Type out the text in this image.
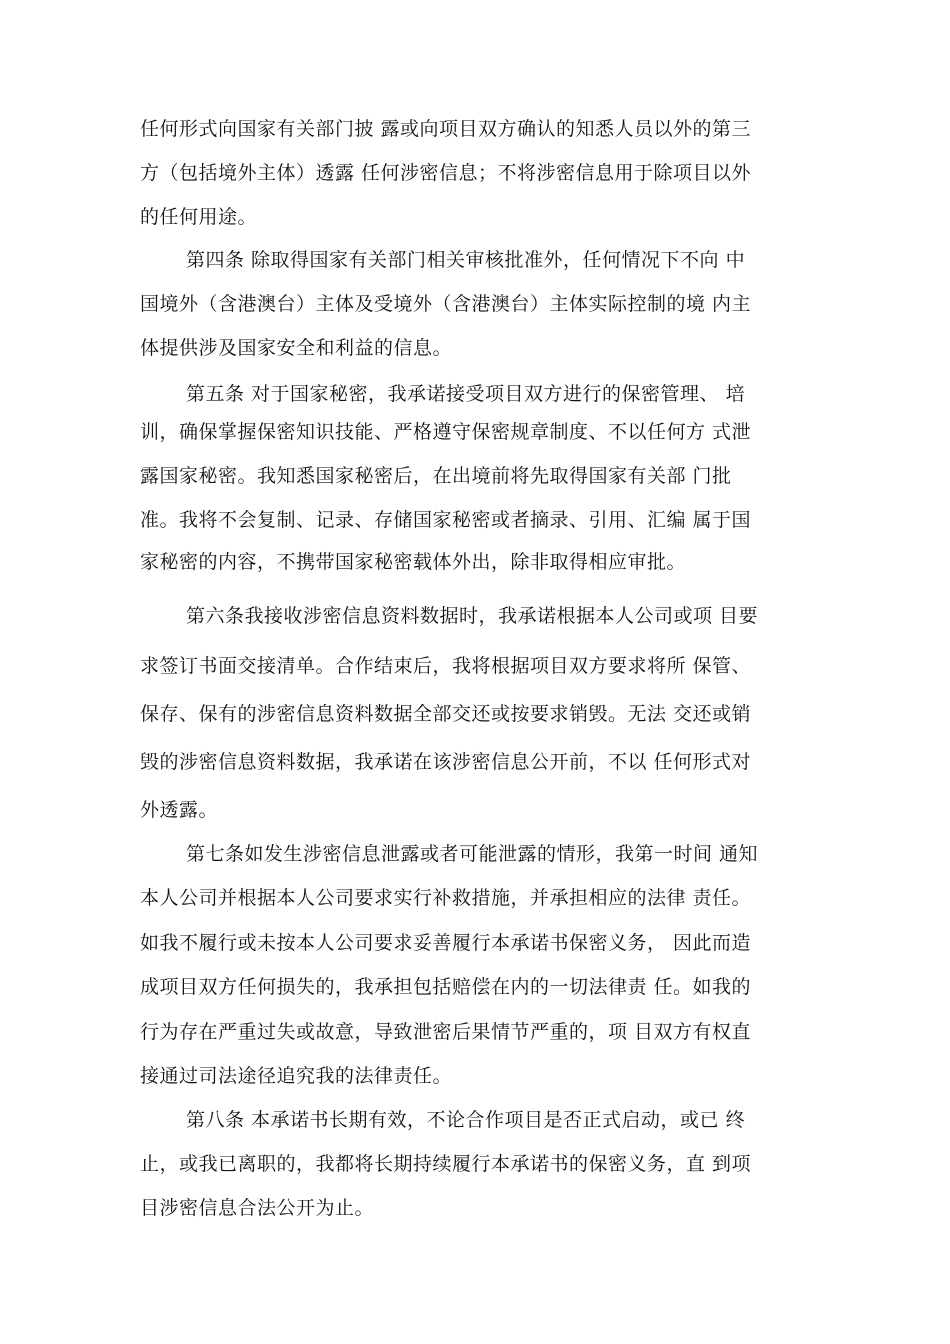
任何形式向国家有关部门披 露或向项目双方确认的知悉人员以外的第三
方（包括境外主体）透露 任何涉密信息；不将涉密信息用于除项目以外
的任何用途。
第四条 除取得国家有关部门相关审核批准外，任何情况下不向 中
国境外（含港澳台）主体及受境外（含港澳台）主体实际控制的境 内主
体提供涉及国家安全和利益的信息。
第五条 对于国家秘密，我承诺接受项目双方进行的保密管理、 培
训，确保掌握保密知识技能、严格遵守保密规章制度、不以任何方 式泄
露国家秘密。我知悉国家秘密后，在出境前将先取得国家有关部 门批
准。我将不会复制、记录、存储国家秘密或者摘录、引用、汇编 属于国
家秘密的内容，不携带国家秘密载体外出，除非取得相应审批。
第六条我接收涉密信息资料数据时，我承诺根据本人公司或项 目要
求签订书面交接清单。合作结束后，我将根据项目双方要求将所 保管、
保存、保有的涉密信息资料数据全部交还或按要求销毁。无法 交还或销
毁的涉密信息资料数据，我承诺在该涉密信息公开前，不以 任何形式对
外透露。
第七条如发生涉密信息泄露或者可能泄露的情形，我第一时间 通知
本人公司并根据本人公司要求实行补救措施，并承担相应的法律 责任。
如我不履行或未按本人公司要求妥善履行本承诺书保密义务， 因此而造
成项目双方任何损失的，我承担包括赔偿在内的一切法律责 任。如我的
行为存在严重过失或故意，导致泄密后果情节严重的，项 目双方有权直
接通过司法途径追究我的法律责任。
第八条 本承诺书长期有效，不论合作项目是否正式启动，或已 终
止，或我已离职的，我都将长期持续履行本承诺书的保密义务，直 到项
目涉密信息合法公开为止。
